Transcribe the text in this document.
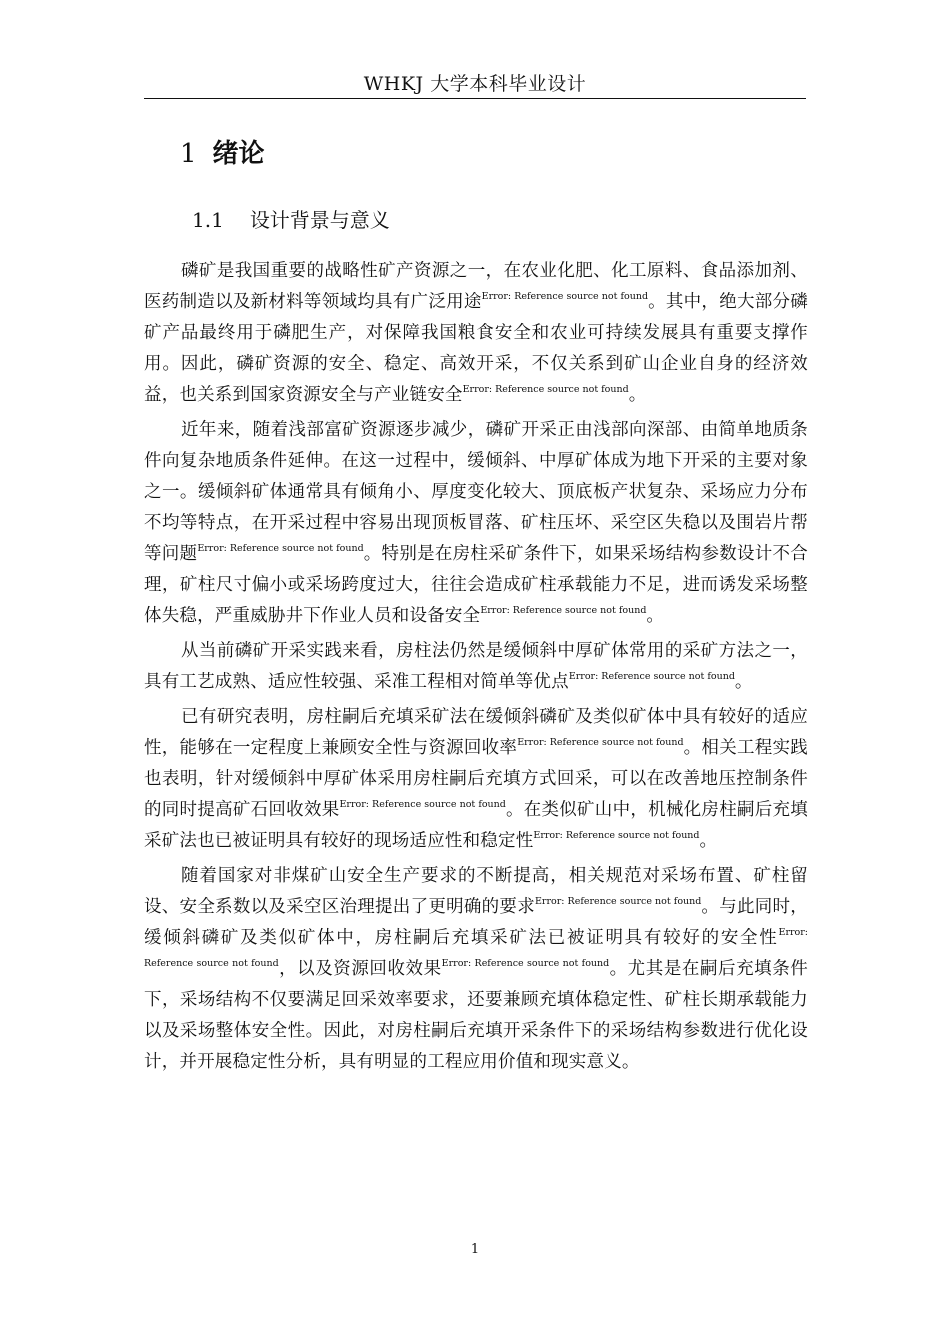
WHKJ 大学本科毕业设计
1 绪论
1.1 设计背景与意义

磷矿是我国重要的战略性矿产资源之一，在农业化肥、化工原料、食品添加剂、医药制造以及新材料等领域均具有广泛用途$^{Error: Reference source not found}$。其中，绝大部分磷矿产品最终用于磷肥生产，对保障我国粮食安全和农业可持续发展具有重要支撑作用。因此，磷矿资源的安全、稳定、高效开采，不仅关系到矿山企业自身的经济效益，也关系到国家资源安全与产业链安全$^{Error: Reference source not found}$。

近年来，随着浅部富矿资源逐步减少，磷矿开采正由浅部向深部、由简单地质条件向复杂地质条件延伸。在这一过程中，缓倾斜、中厚矿体成为地下开采的主要对象之一。缓倾斜矿体通常具有倾角小、厚度变化较大、顶底板产状复杂、采场应力分布不均等特点，在开采过程中容易出现顶板冒落、矿柱压坏、采空区失稳以及围岩片帮等问题$^{Error: Reference source not found}$。特别是在房柱采矿条件下，如果采场结构参数设计不合理，矿柱尺寸偏小或采场跨度过大，往往会造成矿柱承载能力不足，进而诱发采场整体失稳，严重威胁井下作业人员和设备安全$^{Error: Reference source not found}$。

从当前磷矿开采实践来看，房柱法仍然是缓倾斜中厚矿体常用的采矿方法之一，具有工艺成熟、适应性较强、采准工程相对简单等优点$^{Error: Reference source not found}$。

已有研究表明，房柱嗣后充填采矿法在缓倾斜磷矿及类似矿体中具有较好的适应性，能够在一定程度上兼顾安全性与资源回收率$^{Error: Reference source not found}$。相关工程实践也表明，针对缓倾斜中厚矿体采用房柱嗣后充填方式回采，可以在改善地压控制条件的同时提高矿石回收效果$^{Error: Reference source not found}$。在类似矿山中，机械化房柱嗣后充填采矿法也已被证明具有较好的现场适应性和稳定性$^{Error: Reference source not found}$。

随着国家对非煤矿山安全生产要求的不断提高，相关规范对采场布置、矿柱留设、安全系数以及采空区治理提出了更明确的要求$^{Error: Reference source not found}$。与此同时，缓倾斜磷矿及类似矿体中，房柱嗣后充填采矿法已被证明具有较好的安全性$^{Error: Reference source not found}$，以及资源回收效果$^{Error: Reference source not found}$。尤其是在嗣后充填条件下，采场结构不仅要满足回采效率要求，还要兼顾充填体稳定性、矿柱长期承载能力以及采场整体安全性。因此，对房柱嗣后充填开采条件下的采场结构参数进行优化设计，并开展稳定性分析，具有明显的工程应用价值和现实意义。

1
